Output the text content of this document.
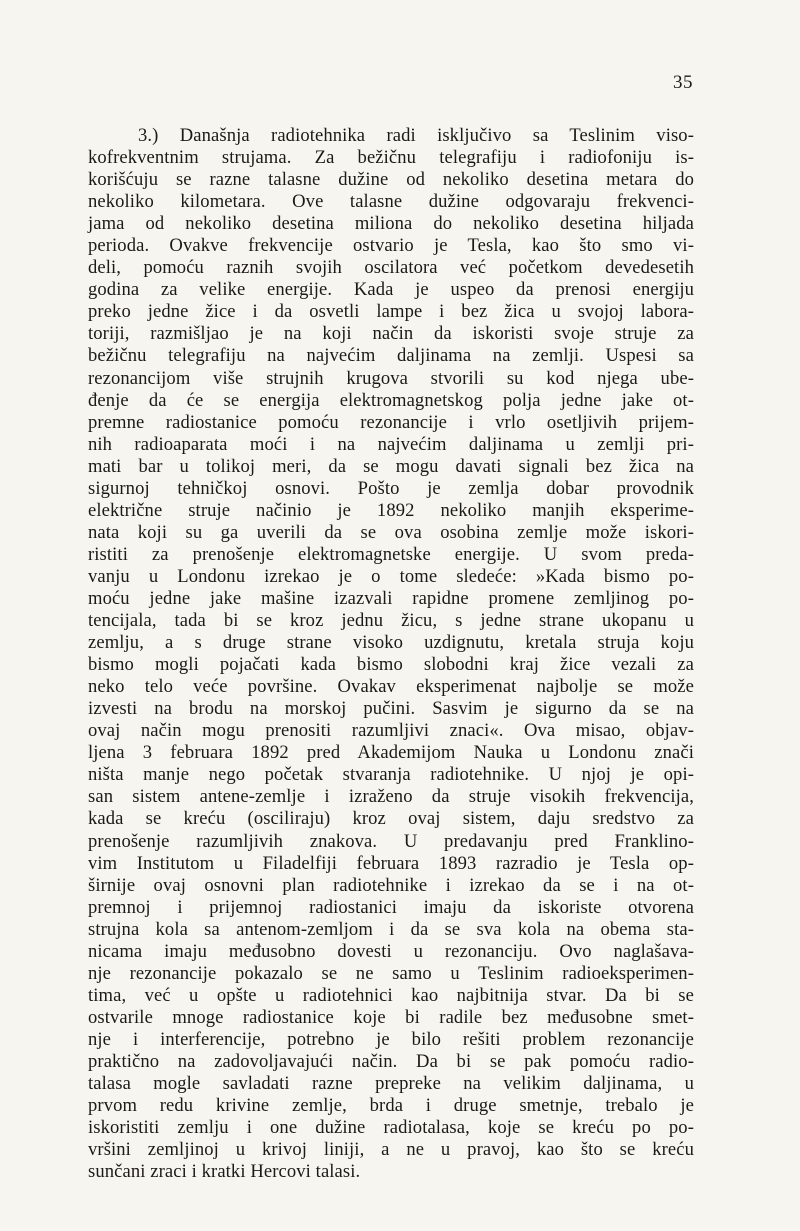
35
3.) Današnja radiotehnika radi isključivo sa Teslinim viso-
kofrekventnim strujama. Za bežičnu telegrafiju i radiofoniju is-
korišćuju se razne talasne dužine od nekoliko desetina metara do
nekoliko kilometara. Ove talasne dužine odgovaraju frekvenci-
jama od nekoliko desetina miliona do nekoliko desetina hiljada
perioda. Ovakve frekvencije ostvario je Tesla, kao što smo vi-
deli, pomoću raznih svojih oscilatora već početkom devedesetih
godina za velike energije. Kada je uspeo da prenosi energiju
preko jedne žice i da osvetli lampe i bez žica u svojoj labora-
toriji, razmišljao je na koji način da iskoristi svoje struje za
bežičnu telegrafiju na najvećim daljinama na zemlji. Uspesi sa
rezonancijom više strujnih krugova stvorili su kod njega ube-
đenje da će se energija elektromagnetskog polja jedne jake ot-
premne radiostanice pomoću rezonancije i vrlo osetljivih prijem-
nih radioaparata moći i na najvećim daljinama u zemlji pri-
mati bar u tolikoj meri, da se mogu davati signali bez žica na
sigurnoj tehničkoj osnovi. Pošto je zemlja dobar provodnik
električne struje načinio je 1892 nekoliko manjih eksperime-
nata koji su ga uverili da se ova osobina zemlje može iskori-
ristiti za prenošenje elektromagnetske energije. U svom preda-
vanju u Londonu izrekao je o tome sledeće: »Kada bismo po-
moću jedne jake mašine izazvali rapidne promene zemljinog po-
tencijala, tada bi se kroz jednu žicu, s jedne strane ukopanu u
zemlju, a s druge strane visoko uzdignutu, kretala struja koju
bismo mogli pojačati kada bismo slobodni kraj žice vezali za
neko telo veće površine. Ovakav eksperimenat najbolje se može
izvesti na brodu na morskoj pučini. Sasvim je sigurno da se na
ovaj način mogu prenositi razumljivi znaci«. Ova misao, objav-
ljena 3 februara 1892 pred Akademijom Nauka u Londonu znači
ništa manje nego početak stvaranja radiotehnike. U njoj je opi-
san sistem antene-zemlje i izraženo da struje visokih frekvencija,
kada se kreću (osciliraju) kroz ovaj sistem, daju sredstvo za
prenošenje razumljivih znakova. U predavanju pred Franklino-
vim Institutom u Filadelfiji februara 1893 razradio je Tesla op-
širnije ovaj osnovni plan radiotehnike i izrekao da se i na ot-
premnoj i prijemnoj radiostanici imaju da iskoriste otvorena
strujna kola sa antenom-zemljom i da se sva kola na obema sta-
nicama imaju međusobno dovesti u rezonanciju. Ovo naglašava-
nje rezonancije pokazalo se ne samo u Teslinim radioeksperimen-
tima, već u opšte u radiotehnici kao najbitnija stvar. Da bi se
ostvarile mnoge radiostanice koje bi radile bez međusobne smet-
nje i interferencije, potrebno je bilo rešiti problem rezonancije
praktično na zadovoljavajući način. Da bi se pak pomoću radio-
talasa mogle savladati razne prepreke na velikim daljinama, u
prvom redu krivine zemlje, brda i druge smetnje, trebalo je
iskoristiti zemlju i one dužine radiotalasa, koje se kreću po po-
vršini zemljinoj u krivoj liniji, a ne u pravoj, kao što se kreću
sunčani zraci i kratki Hercovi talasi.
